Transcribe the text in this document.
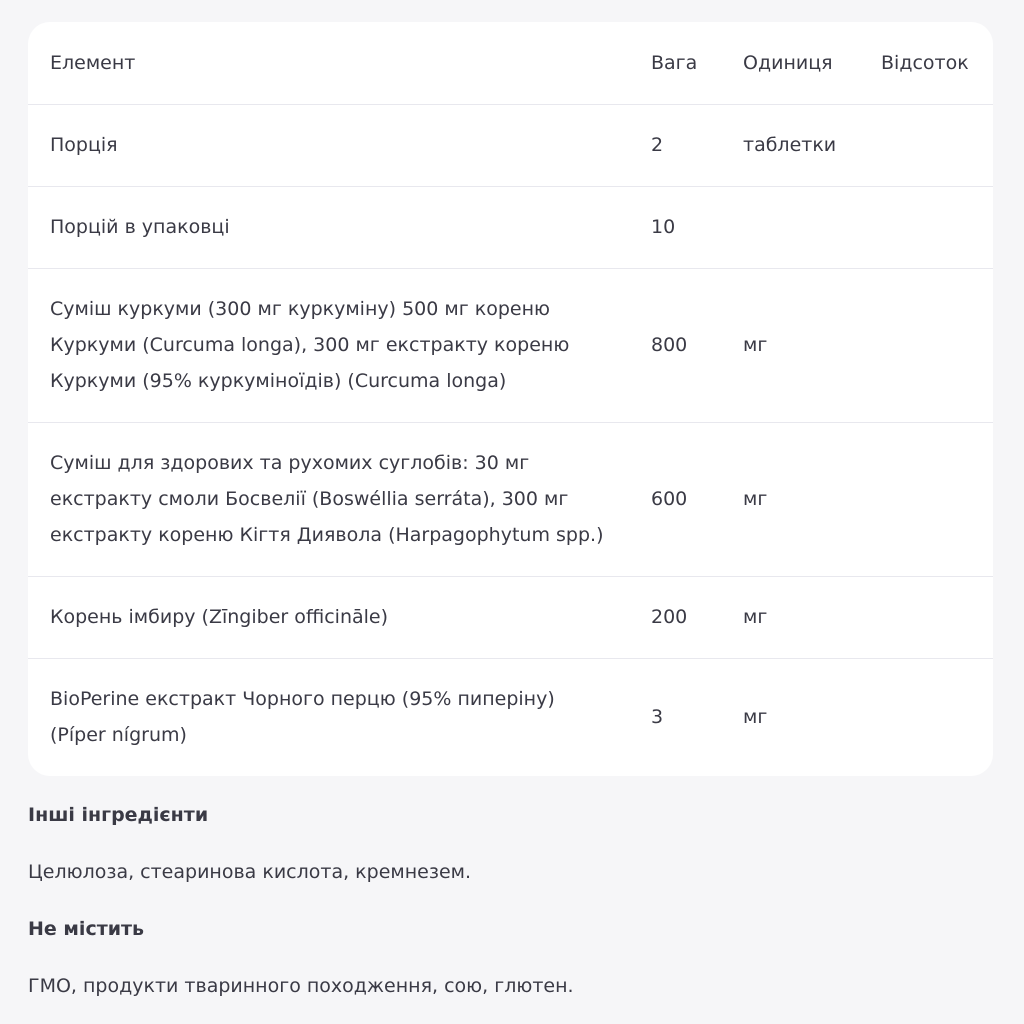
Елемент	Вага	Одиниця	Відсоток
Порція	2	таблетки	
Порцій в упаковці	10		

Суміш куркуми (300 мг куркуміну) 500 мг кореню
Куркуми (Curcuma longa), 300 мг екстракту кореню
Куркуми (95% куркуміноїдів) (Curcuma longa)	800	мг	

Суміш для здорових та рухомих суглобів: 30 мг
екстракту смоли Босвелії (Boswéllia serráta), 300 мг
екстракту кореню Кігтя Диявола (Harpagophytum spp.)	600	мг	
Корень імбиру (Zīngiber officināle)	200	мг	

BioPerine екстракт Чорного перцю (95% пиперіну)
(Píper nígrum)	3	мг	
Інші інгредієнти
Целюлоза, стеаринова кислота, кремнезем.
Не містить
ГМО, продукти тваринного походження, сою, глютен.
